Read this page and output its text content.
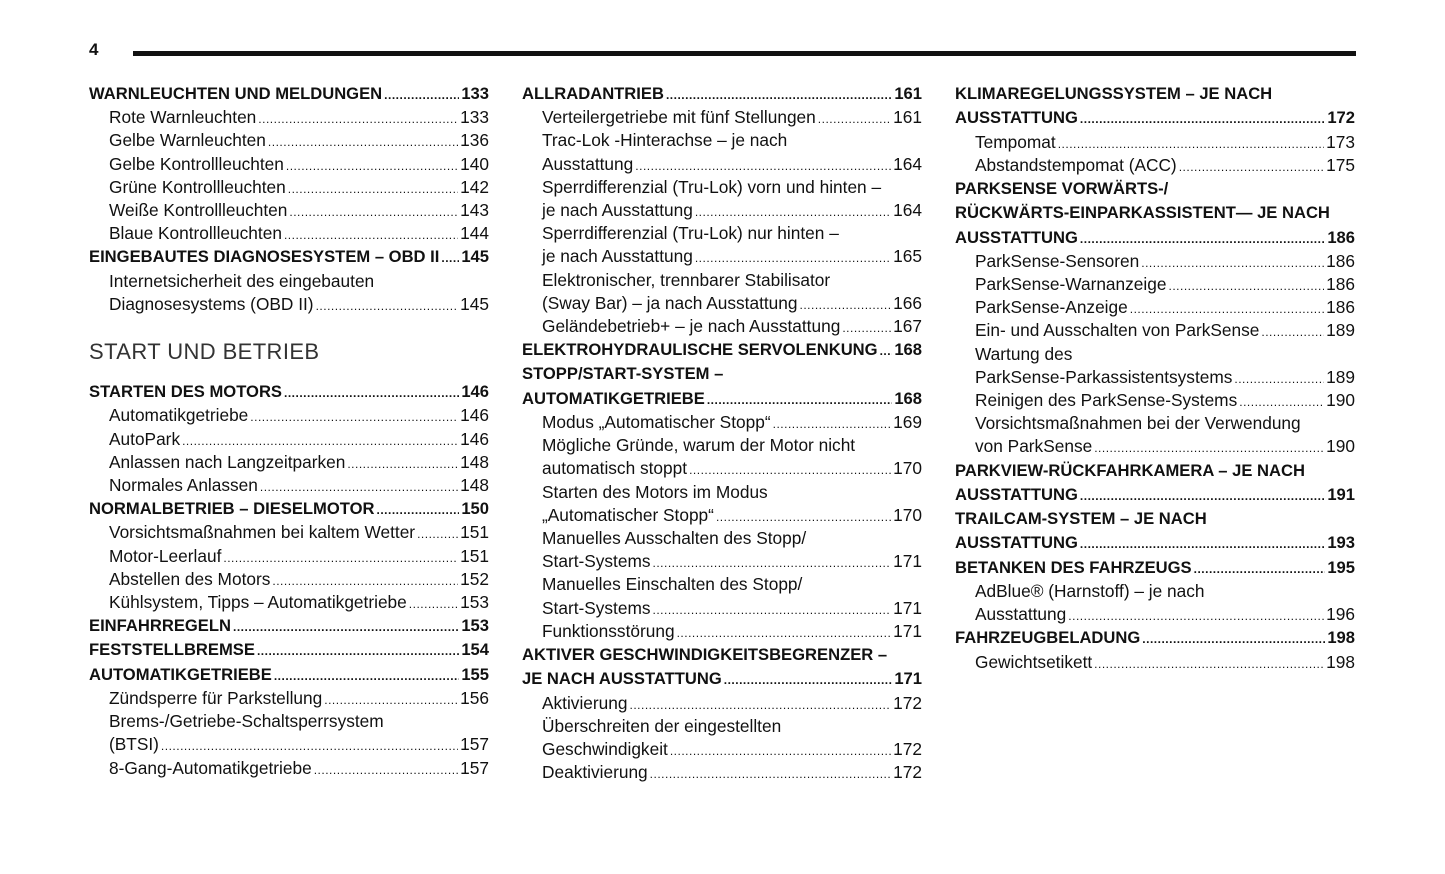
4
WARNLEUCHTEN UND MELDUNGEN .....	133
Rote Warnleuchten .....	133
Gelbe Warnleuchten .....	136
Gelbe Kontrollleuchten .....	140
Grüne Kontrollleuchten .....	142
Weiße Kontrollleuchten .....	143
Blaue Kontrollleuchten .....	144
EINGEBAUTES DIAGNOSESYSTEM – OBD II ..... 145
Internetsicherheit des eingebauten
Diagnosesystems (OBD II) .....	145
START UND BETRIEB
STARTEN DES MOTORS .....	146
Automatikgetriebe .....	146
AutoPark .....	146
Anlassen nach Langzeitparken .....	148
Normales Anlassen .....	148
NORMALBETRIEB – DIESELMOTOR .....	150
Vorsichtsmaßnahmen bei kaltem Wetter .....	151
Motor-Leerlauf .....	151
Abstellen des Motors .....	152
Kühlsystem, Tipps – Automatikgetriebe .....	153
EINFAHRREGELN .....	153
FESTSTELLBREMSE .....	154
AUTOMATIKGETRIEBE .....	155
Zündsperre für Parkstellung .....	156
Brems-/Getriebe-Schaltsperrsystem
(BTSI) .....	157
8-Gang-Automatikgetriebe .....	157
ALLRADANTRIEB .....	161
Verteilergetriebe mit fünf Stellungen .....	161
Trac-Lok -Hinterachse – je nach
Ausstattung .....	164
Sperrdifferenzial (Tru-Lok) vorn und hinten –
je nach Ausstattung .....	164
Sperrdifferenzial (Tru-Lok) nur hinten –
je nach Ausstattung .....	165
Elektronischer, trennbarer Stabilisator
(Sway Bar) – ja nach Ausstattung .....	166
Geländebetrieb+ – je nach Ausstattung .....	167
ELEKTROHYDRAULISCHE SERVOLENKUNG ..... 168
STOPP/START-SYSTEM –
AUTOMATIKGETRIEBE .....	168
Modus „Automatischer Stopp“ .....	169
Mögliche Gründe, warum der Motor nicht
automatisch stoppt .....	170
Starten des Motors im Modus
„Automatischer Stopp“ .....	170
Manuelles Ausschalten des Stopp/
Start-Systems .....	171
Manuelles Einschalten des Stopp/
Start-Systems .....	171
Funktionsstörung .....	171
AKTIVER GESCHWINDIGKEITSBEGRENZER –
JE NACH AUSSTATTUNG .....	171
Aktivierung .....	172
Überschreiten der eingestellten
Geschwindigkeit .....	172
Deaktivierung .....	172
KLIMAREGELUNGSSYSTEM – JE NACH
AUSSTATTUNG .....	172
Tempomat .....	173
Abstandstempomat (ACC) .....	175
PARKSENSE VORWÄRTS-/
RÜCKWÄRTS-EINPARKASSISTENT— JE NACH
AUSSTATTUNG .....	186
ParkSense-Sensoren .....	186
ParkSense-Warnanzeige .....	186
ParkSense-Anzeige .....	186
Ein- und Ausschalten von ParkSense .....	189
Wartung des
ParkSense-Parkassistentsystems .....	189
Reinigen des ParkSense-Systems .....	190
Vorsichtsmaßnahmen bei der Verwendung
von ParkSense .....	190
PARKVIEW-RÜCKFAHRKAMERA – JE NACH
AUSSTATTUNG .....	191
TRAILCAM-SYSTEM – JE NACH
AUSSTATTUNG .....	193
BETANKEN DES FAHRZEUGS .....	195
AdBlue® (Harnstoff) – je nach
Ausstattung .....	196
FAHRZEUGBELADUNG .....	198
Gewichtsetikett .....	198
